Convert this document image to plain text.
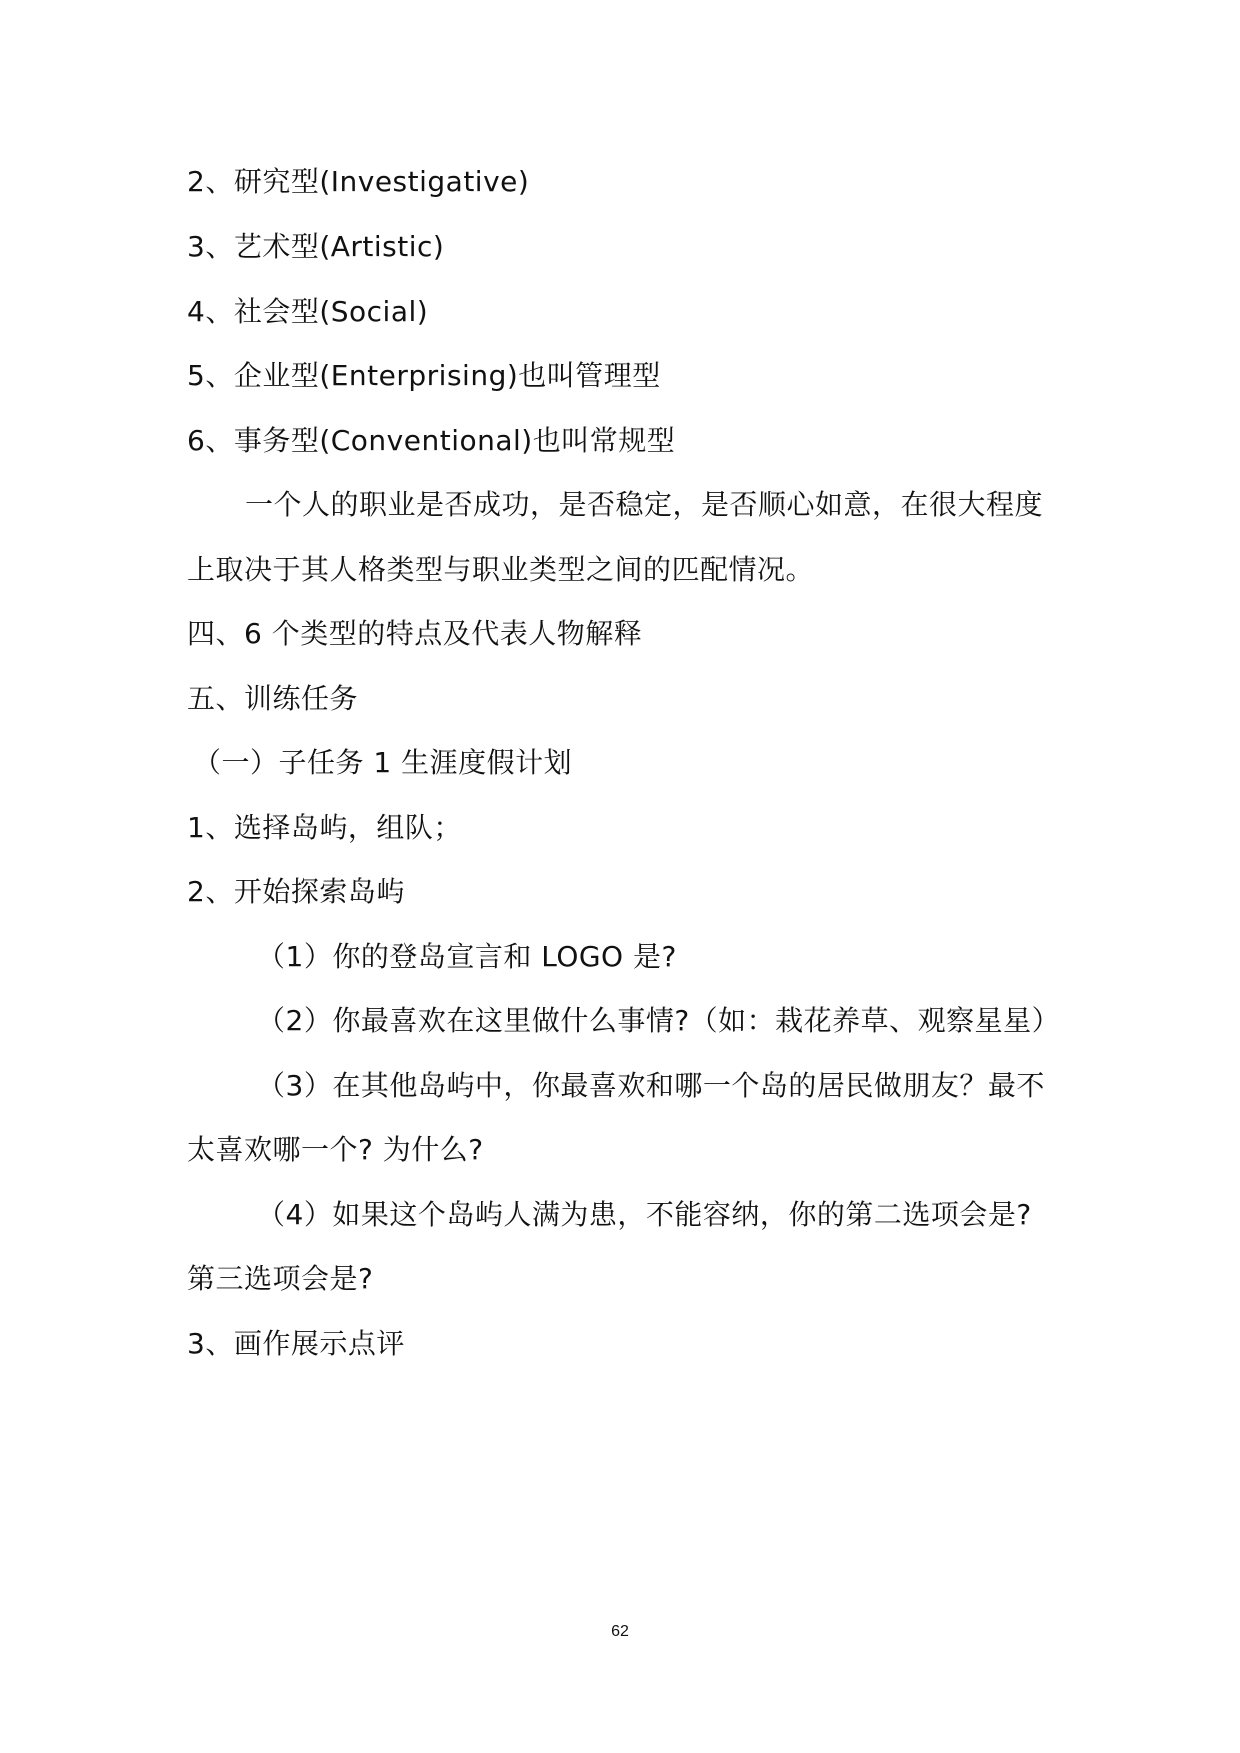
2、研究型(Investigative)
3、艺术型(Artistic)
4、社会型(Social)
5、企业型(Enterprising)也叫管理型
6、事务型(Conventional)也叫常规型
一个人的职业是否成功，是否稳定，是否顺心如意，在很大程度
上取决于其人格类型与职业类型之间的匹配情况。
四、6 个类型的特点及代表人物解释
五、训练任务
（一）子任务 1 生涯度假计划
1、选择岛屿，组队；
2、开始探索岛屿
（1）你的登岛宣言和 LOGO 是?
（2）你最喜欢在这里做什么事情?（如：栽花养草、观察星星）
（3）在其他岛屿中，你最喜欢和哪一个岛的居民做朋友？最不
太喜欢哪一个? 为什么?
（4）如果这个岛屿人满为患，不能容纳，你的第二选项会是?
第三选项会是?
3、画作展示点评
62
